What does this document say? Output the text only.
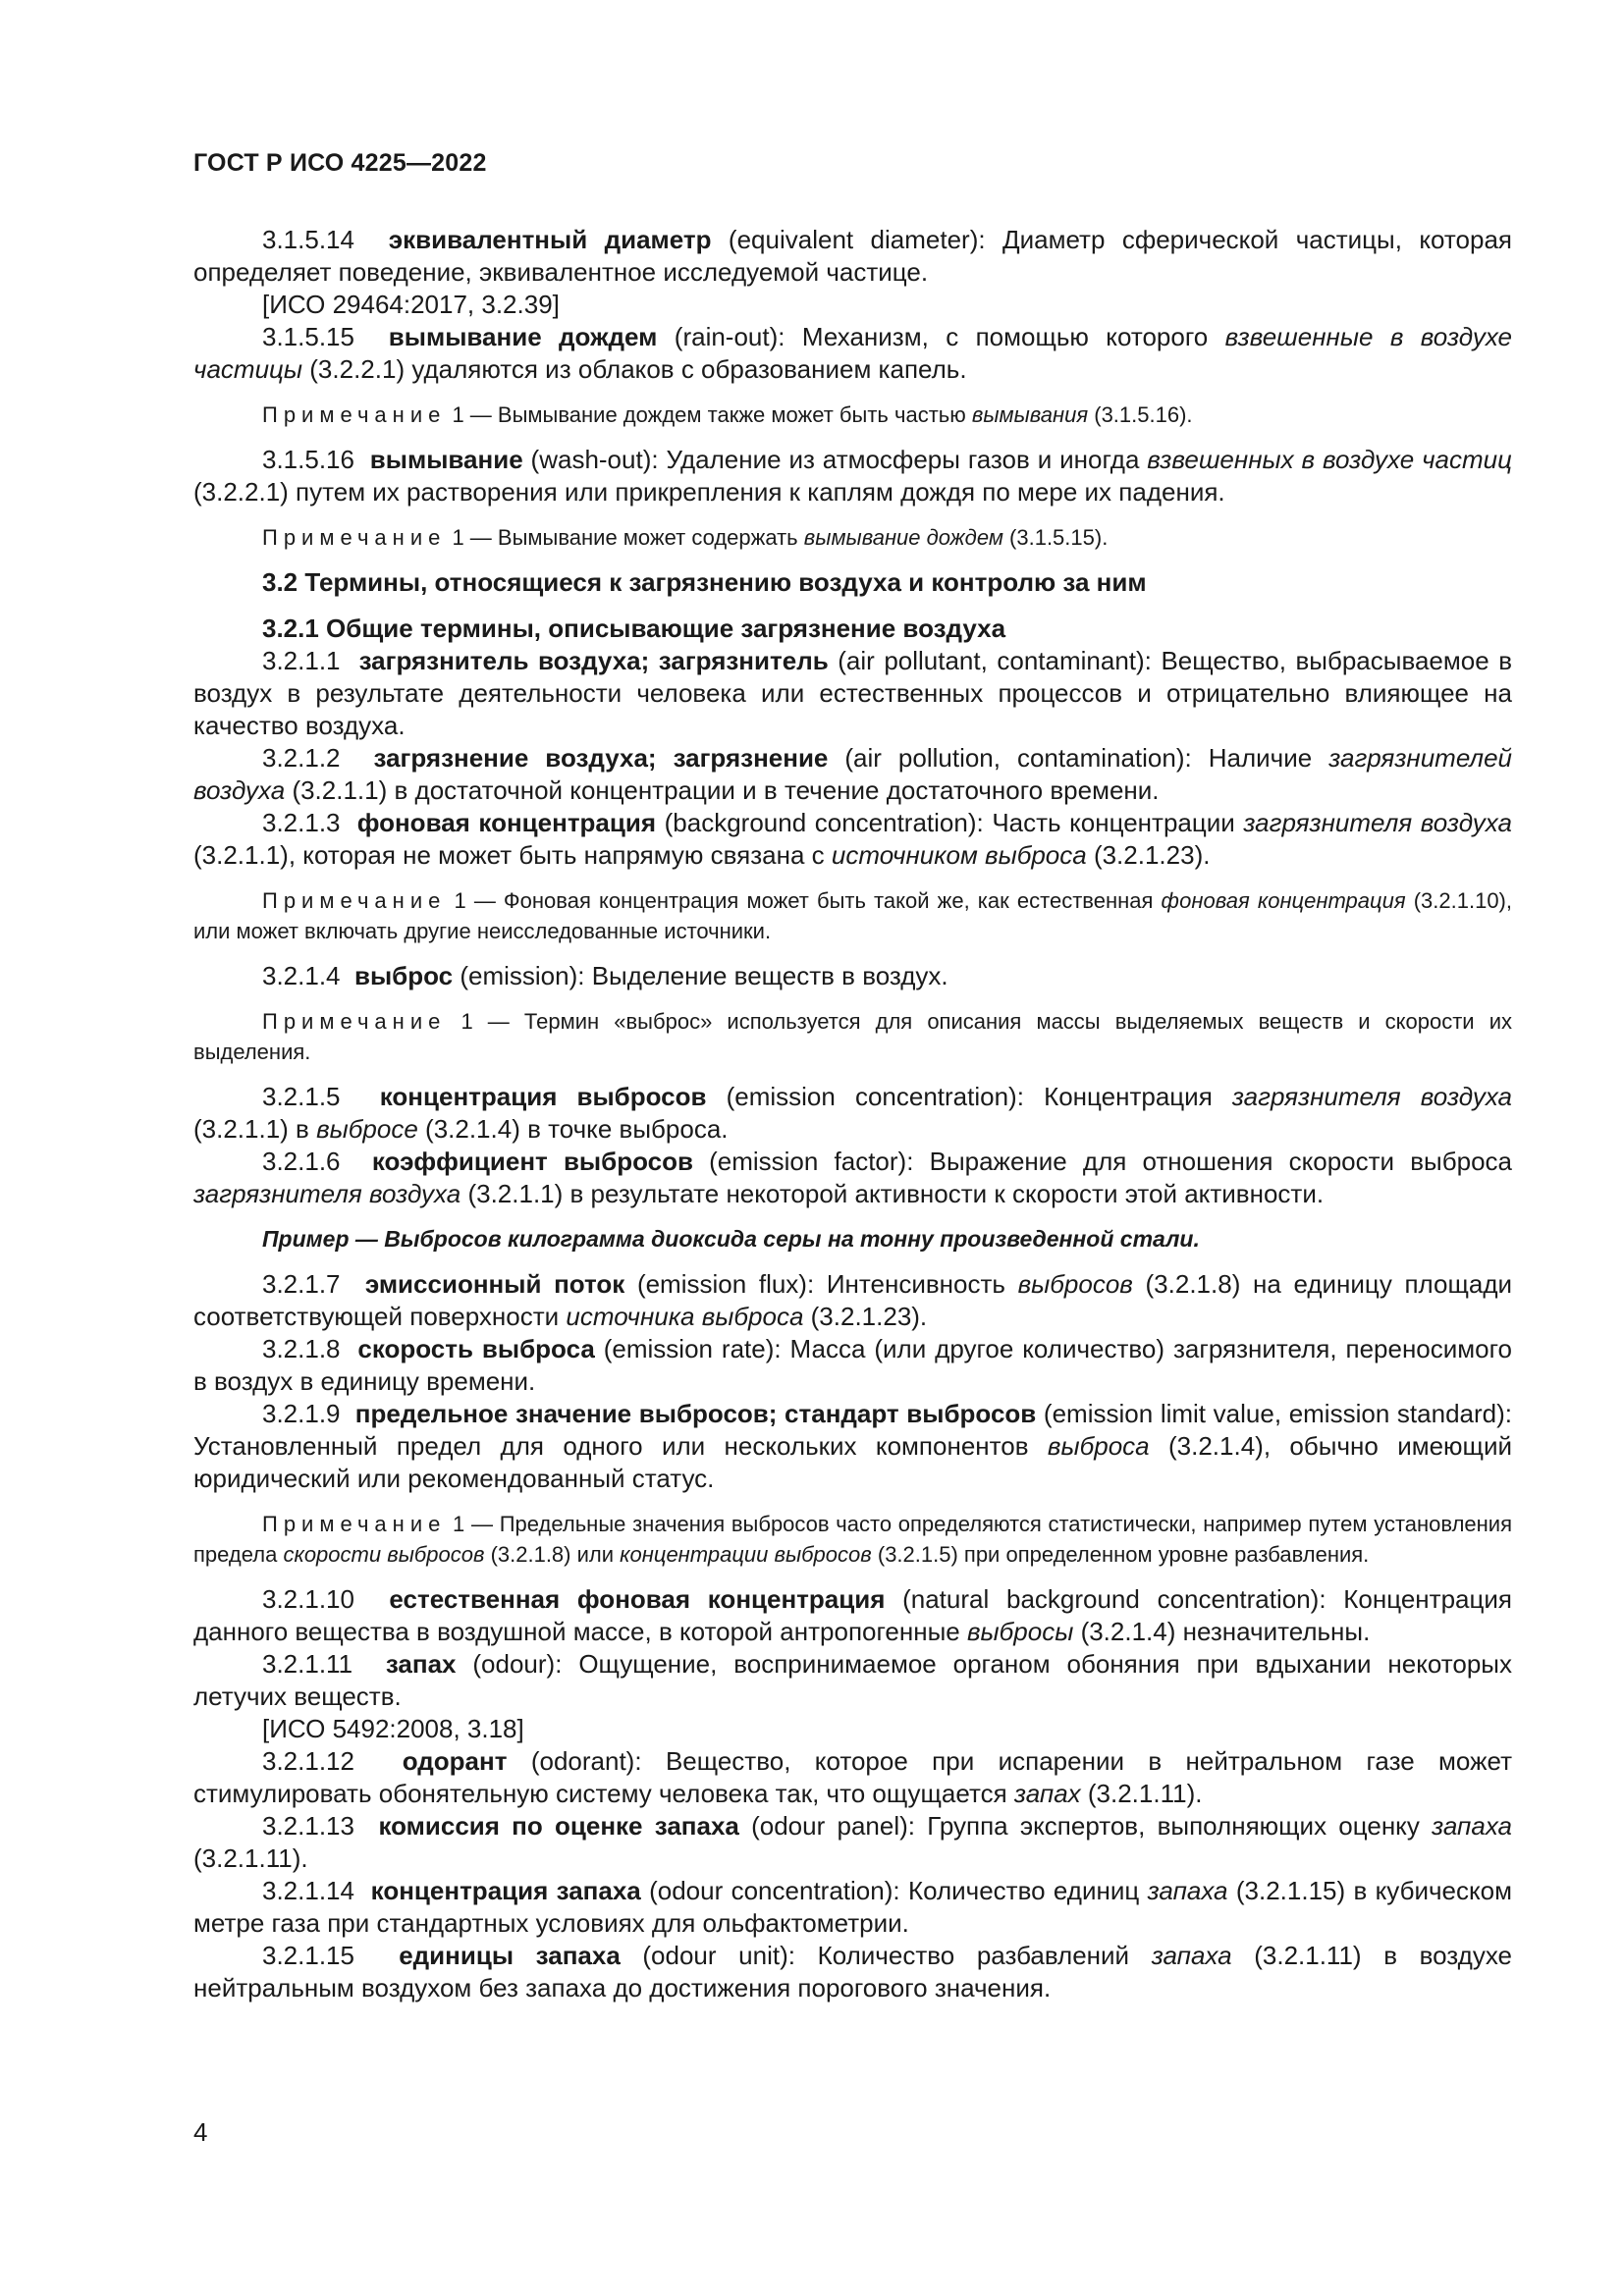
ГОСТ Р ИСО 4225—2022

3.1.5.14 эквивалентный диаметр (equivalent diameter): Диаметр сферической частицы, которая определяет поведение, эквивалентное исследуемой частице.

[ИСО 29464:2017, 3.2.39]

3.1.5.15 вымывание дождем (rain-out): Механизм, с помощью которого взвешенные в воздухе частицы (3.2.2.1) удаляются из облаков с образованием капель.

Примечание 1 — Вымывание дождем также может быть частью вымывания (3.1.5.16).

3.1.5.16 вымывание (wash-out): Удаление из атмосферы газов и иногда взвешенных в воздухе частиц (3.2.2.1) путем их растворения или прикрепления к каплям дождя по мере их падения.

Примечание 1 — Вымывание может содержать вымывание дождем (3.1.5.15).

3.2 Термины, относящиеся к загрязнению воздуха и контролю за ним

3.2.1 Общие термины, описывающие загрязнение воздуха

3.2.1.1 загрязнитель воздуха; загрязнитель (air pollutant, contaminant): Вещество, выбрасываемое в воздух в результате деятельности человека или естественных процессов и отрицательно влияющее на качество воздуха.

3.2.1.2 загрязнение воздуха; загрязнение (air pollution, contamination): Наличие загрязнителей воздуха (3.2.1.1) в достаточной концентрации и в течение достаточного времени.

3.2.1.3 фоновая концентрация (background concentration): Часть концентрации загрязнителя воздуха (3.2.1.1), которая не может быть напрямую связана с источником выброса (3.2.1.23).

Примечание 1 — Фоновая концентрация может быть такой же, как естественная фоновая концентрация (3.2.1.10), или может включать другие неисследованные источники.

3.2.1.4 выброс (emission): Выделение веществ в воздух.

Примечание 1 — Термин «выброс» используется для описания массы выделяемых веществ и скорости их выделения.

3.2.1.5 концентрация выбросов (emission concentration): Концентрация загрязнителя воздуха (3.2.1.1) в выбросе (3.2.1.4) в точке выброса.

3.2.1.6 коэффициент выбросов (emission factor): Выражение для отношения скорости выброса загрязнителя воздуха (3.2.1.1) в результате некоторой активности к скорости этой активности.

Пример — Выбросов килограмма диоксида серы на тонну произведенной стали.

3.2.1.7 эмиссионный поток (emission flux): Интенсивность выбросов (3.2.1.8) на единицу площади соответствующей поверхности источника выброса (3.2.1.23).

3.2.1.8 скорость выброса (emission rate): Масса (или другое количество) загрязнителя, переносимого в воздух в единицу времени.

3.2.1.9 предельное значение выбросов; стандарт выбросов (emission limit value, emission standard): Установленный предел для одного или нескольких компонентов выброса (3.2.1.4), обычно имеющий юридический или рекомендованный статус.

Примечание 1 — Предельные значения выбросов часто определяются статистически, например путем установления предела скорости выбросов (3.2.1.8) или концентрации выбросов (3.2.1.5) при определенном уровне разбавления.

3.2.1.10 естественная фоновая концентрация (natural background concentration): Концентрация данного вещества в воздушной массе, в которой антропогенные выбросы (3.2.1.4) незначительны.

3.2.1.11 запах (odour): Ощущение, воспринимаемое органом обоняния при вдыхании некоторых летучих веществ.

[ИСО 5492:2008, 3.18]

3.2.1.12 одорант (odorant): Вещество, которое при испарении в нейтральном газе может стимулировать обонятельную систему человека так, что ощущается запах (3.2.1.11).

3.2.1.13 комиссия по оценке запаха (odour panel): Группа экспертов, выполняющих оценку запаха (3.2.1.11).

3.2.1.14 концентрация запаха (odour concentration): Количество единиц запаха (3.2.1.15) в кубическом метре газа при стандартных условиях для ольфактометрии.

3.2.1.15 единицы запаха (odour unit): Количество разбавлений запаха (3.2.1.11) в воздухе нейтральным воздухом без запаха до достижения порогового значения.

4
